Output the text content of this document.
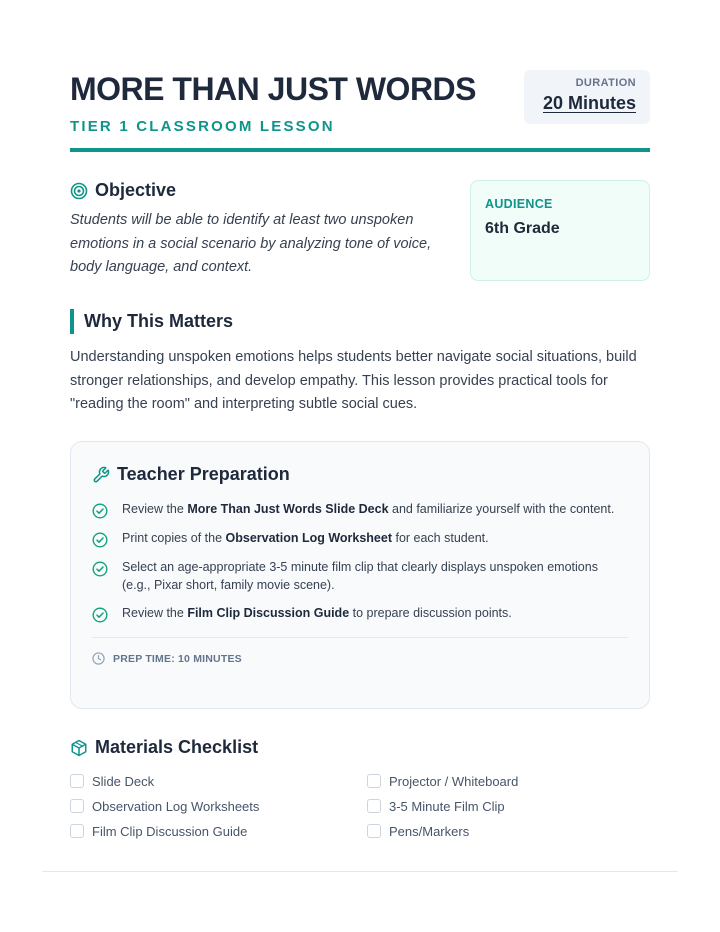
MORE THAN JUST WORDS
TIER 1 CLASSROOM LESSON
DURATION
20 Minutes
Objective
Students will be able to identify at least two unspoken emotions in a social scenario by analyzing tone of voice, body language, and context.
AUDIENCE
6th Grade
Why This Matters
Understanding unspoken emotions helps students better navigate social situations, build stronger relationships, and develop empathy. This lesson provides practical tools for "reading the room" and interpreting subtle social cues.
Teacher Preparation
Review the More Than Just Words Slide Deck and familiarize yourself with the content.
Print copies of the Observation Log Worksheet for each student.
Select an age-appropriate 3-5 minute film clip that clearly displays unspoken emotions (e.g., Pixar short, family movie scene).
Review the Film Clip Discussion Guide to prepare discussion points.
PREP TIME: 10 MINUTES
Materials Checklist
Slide Deck	Projector / Whiteboard
Observation Log Worksheets	3-5 Minute Film Clip
Film Clip Discussion Guide	Pens/Markers
